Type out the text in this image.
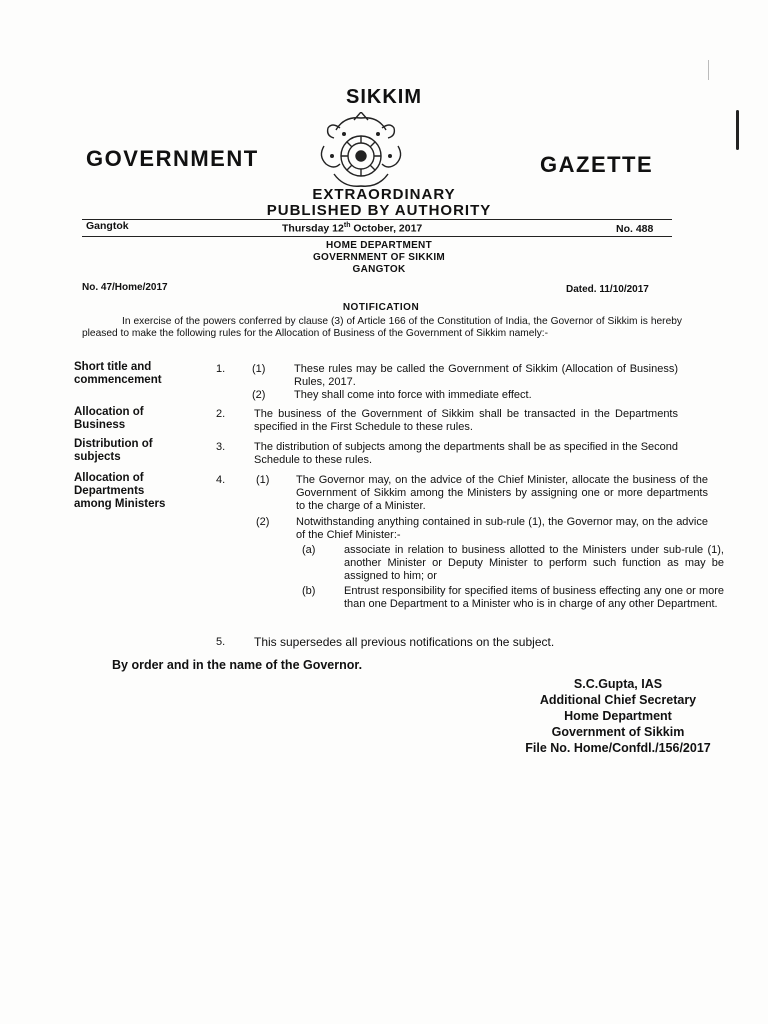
SIKKIM
GOVERNMENT	GAZETTE
EXTRAORDINARY
PUBLISHED BY AUTHORITY
Gangtok	Thursday 12th October, 2017	No. 488
HOME DEPARTMENT
GOVERNMENT OF SIKKIM
GANGTOK
No. 47/Home/2017	Dated. 11/10/2017
NOTIFICATION
In exercise of the powers conferred by clause (3) of Article 166 of the Constitution of India, the Governor of Sikkim is hereby pleased to make the following rules for the Allocation of Business of the Government of Sikkim namely:-
Short title and
commencement
1. (1)	These rules may be called the Government of Sikkim (Allocation of Business) Rules, 2017.
(2)	They shall come into force with immediate effect.
Allocation of
Business
2.	The business of the Government of Sikkim shall be transacted in the Departments specified in the First Schedule to these rules.
Distribution of
subjects
3.	The distribution of subjects among the departments shall be as specified in the Second Schedule to these rules.
Allocation of
Departments
among Ministers
4.	(1) The Governor may, on the advice of the Chief Minister, allocate the business of the Government of Sikkim among the Ministers by assigning one or more departments to the charge of a Minister.
(2) Notwithstanding anything contained in sub-rule (1), the Governor may, on the advice of the Chief Minister:-
(a)	associate in relation to business allotted to the Ministers under sub-rule (1), another Minister or Deputy Minister to perform such function as may be assigned to him; or
(b)	Entrust responsibility for specified items of business effecting any one or more than one Department to a Minister who is in charge of any other Department.
5. This supersedes all previous notifications on the subject.
By order and in the name of the Governor.
S.C.Gupta, IAS
Additional Chief Secretary
Home Department
Government of Sikkim
File No. Home/Confdl./156/2017
